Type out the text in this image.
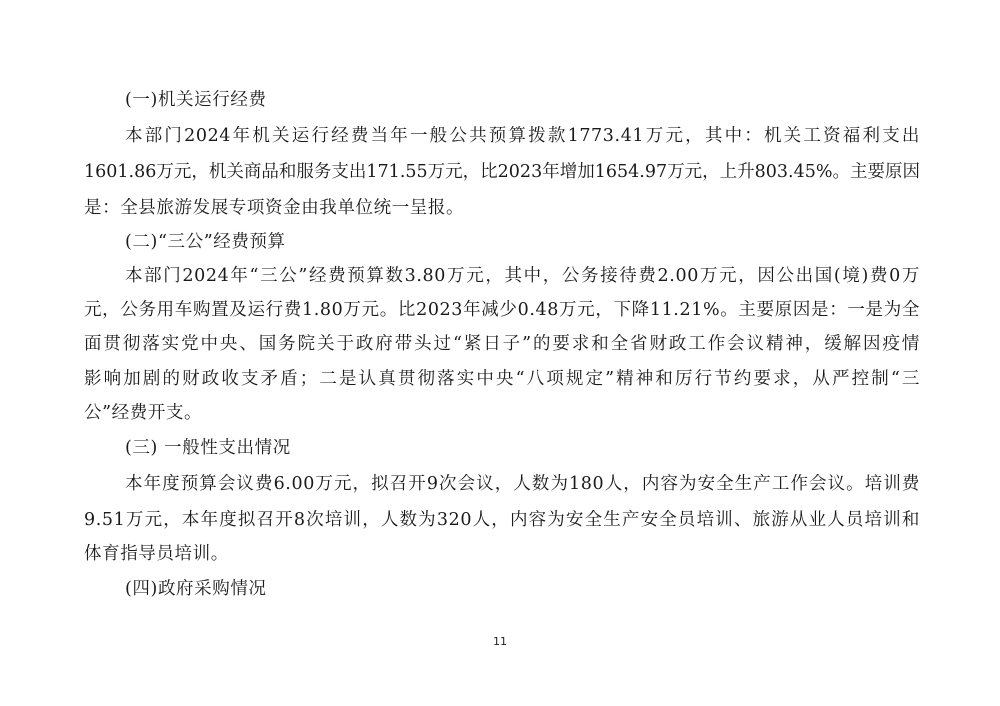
(一)机关运行经费
本部门2024年机关运行经费当年一般公共预算拨款1773.41万元，其中：机关工资福利支出
1601.86万元，机关商品和服务支出171.55万元，比2023年增加1654.97万元，上升803.45%。主要原因
是：全县旅游发展专项资金由我单位统一呈报。
(二)“三公”经费预算
本部门2024年“三公”经费预算数3.80万元，其中，公务接待费2.00万元，因公出国(境)费0万
元，公务用车购置及运行费1.80万元。比2023年减少0.48万元，下降11.21%。主要原因是：一是为全
面贯彻落实党中央、国务院关于政府带头过“紧日子”的要求和全省财政工作会议精神，缓解因疫情
影响加剧的财政收支矛盾；二是认真贯彻落实中央“八项规定”精神和厉行节约要求，从严控制“三
公”经费开支。
(三) 一般性支出情况
本年度预算会议费6.00万元，拟召开9次会议，人数为180人，内容为安全生产工作会议。培训费
9.51万元，本年度拟召开8次培训，人数为320人，内容为安全生产安全员培训、旅游从业人员培训和
体育指导员培训。
(四)政府采购情况
11
